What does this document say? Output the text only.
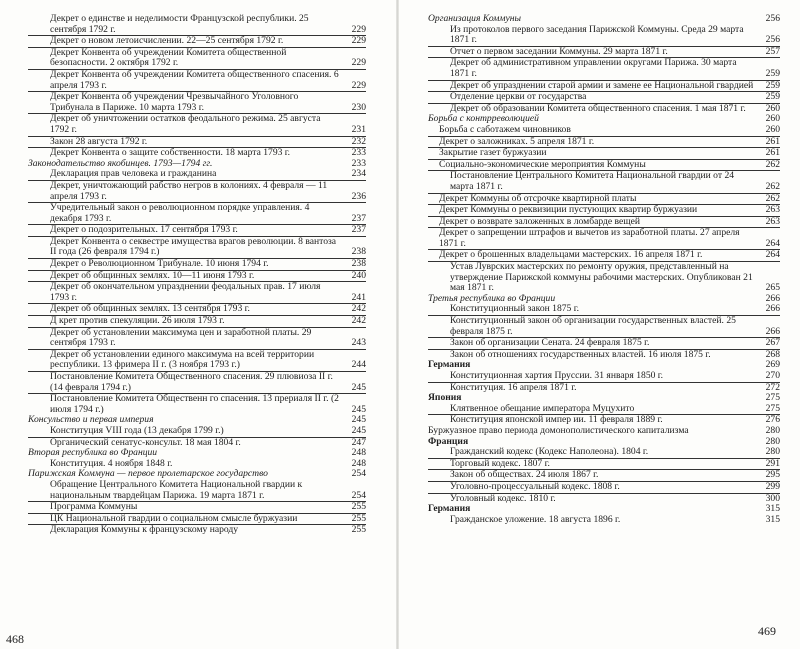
Декрет о единстве и неделимости Французской республики. 25 сентября 1792 г.	229
Декрет о новом летоисчислении. 22—25 сентября 1792 г.	229
Декрет Конвента об учреждении Комитета общественной безопасности. 2 октября 1792 г.	229
Декрет Конвента об учреждении Комитета общественного спасения. 6 апреля 1793 г.	229
Декрет Конвента об учреждении Чрезвычайного Уголовного Трибунала в Париже. 10 марта 1793 г.	230
Декрет об уничтожении остатков феодального режима. 25 августа 1792 г.	231
Закон 28 августа 1792 г.	232
Декрет Конвента о защите собственности. 18 марта 1793 г.	233
Законодательство якобинцев. 1793—1794 гг.	233
Декларация прав человека и гражданина	234
Декрет, уничтожающий рабство негров в колониях. 4 февраля — 11 апреля 1793 г.	236
Учредительный закон о революционном порядке управления. 4 декабря 1793 г.	237
Декрет о подозрительных. 17 сентября 1793 г.	237
Декрет Конвента о секвестре имущества врагов революции. 8 вантоза II года (26 февраля 1794 г.)	238
Декрет о Революционном Трибунале. 10 июня 1794 г.	238
Декрет об общинных землях. 10—11 июня 1793 г.	240
Декрет об окончательном упразднении феодальных прав. 17 июля 1793 г.	241
Декрет об общинных землях. 13 сентября 1793 г.	242
Д крет против спекуляции. 26 июля 1793 г.	242
Декрет об установлении максимума цен и заработной платы. 29 сентября 1793 г.	243
Декрет об установлении единого максимума на всей территории республики. 13 фримера II г. (3 ноября 1793 г.)	244
Постановление Комитета Общественного спасения. 29 плювиоза II г. (14 февраля 1794 г.)	245
Постановление Комитета Общественн го спасения. 13 прериаля II г. (2 июля 1794 г.)	245
Консульство и первая империя	245
Конституция VIII года (13 декабря 1799 г.)	245
Органический сенатус-консульт. 18 мая 1804 г.	247
Вторая республика во Франции	248
Конституция. 4 ноября 1848 г.	248
Парижская Коммуна — первое пролетарское государство	254
Обращение Центрального Комитета Национальной гвардии к национальным твардейцам Парижа. 19 марта 1871 г.	254
Программа Коммуны	255
ЦК Национальной гвардии о социальном смысле буржуазии	255
Декларация Коммуны к французскому народу	255
468
Организация Коммуны	256
Из протоколов первого заседания Парижской Коммуны. Среда 29 марта 1871 г.	256
Отчет о первом заседании Коммуны. 29 марта 1871 г.	257
Декрет об административном управлении округами Парижа. 30 марта 1871 г.	259
Декрет об упразднении старой армии и замене ее Национальной гвардией	259
Отделение церкви от государства	259
Декрет об образовании Комитета общественного спасения. 1 мая 1871 г.	260
Борьба с контрреволюцией	260
Борьба с саботажем чиновников	260
Декрет о заложниках. 5 апреля 1871 г.	261
Закрытие газет буржуазии	261
Социально-экономические мероприятия Коммуны	262
Постановление Центрального Комитета Национальной гвардии от 24 марта 1871 г.	262
Декрет Коммуны об отсрочке квартирной платы	262
Декрет Коммуны о реквизиции пустующих квартир буржуазии	263
Декрет о возврате заложенных в ломбарде вещей	263
Декрет о запрещении штрафов и вычетов из заработной платы. 27 апреля 1871 г.	264
Декрет о брошенных владельцами мастерских. 16 апреля 1871 г.	264
Устав Луврских мастерских по ремонту оружия, представленный на утверждение Парижской коммуны рабочими мастерских. Опубликован 21 мая 1871 г.	265
Третья республика во Франции	266
Конституционный закон 1875 г.	266
Конституционный закон об организации государственных властей. 25 февраля 1875 г.	266
Закон об организации Сената. 24 февраля 1875 г.	267
Закон об отношениях государственных властей. 16 июля 1875 г.	268
Германия	269
Конституционная хартия Пруссии. 31 января 1850 г.	270
Конституция. 16 апреля 1871 г.	272
Япония	275
Клятвенное обещание императора Муцухито	275
Конституция японской импер ии. 11 февраля 1889 г.	276
Буржуазное право периода домонополистического капитализма	280
Франция	280
Гражданский кодекс (Кодекс Наполеона). 1804 г.	280
Торговый кодекс. 1807 г.	291
Закон об обществах. 24 июля 1867 г.	295
Уголовно-процессуальный кодекс. 1808 г.	299
Уголовный кодекс. 1810 г.	300
Германия	315
Гражданское уложение. 18 августа 1896 г.	315
469
